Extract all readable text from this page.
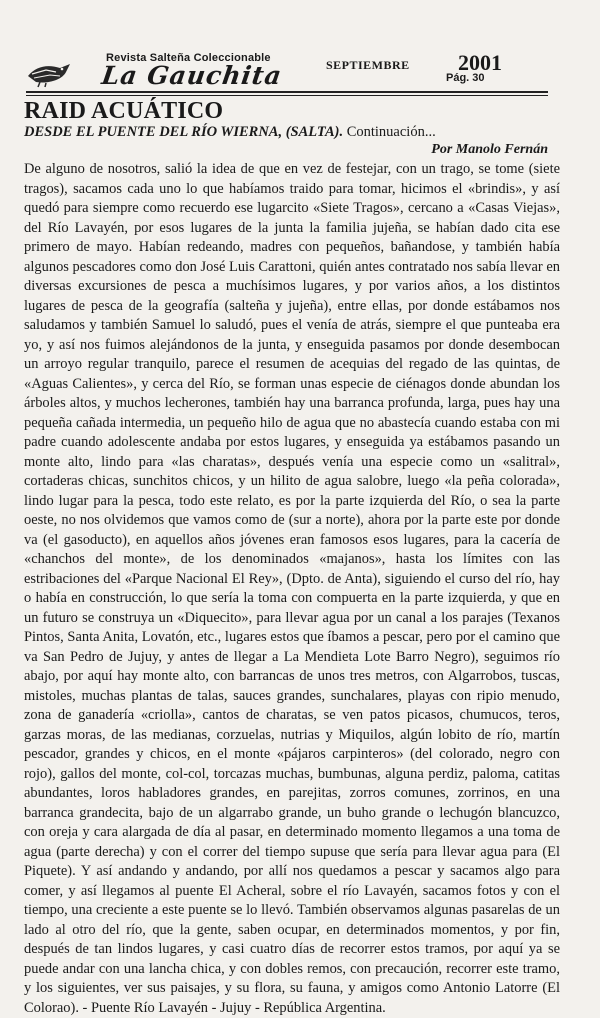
Revista Salteña Coleccionable
La Gauchita	SEPTIEMBRE 2001
Pág. 30
RAID ACUÁTICO
DESDE EL PUENTE DEL RÍO WIERNA, (SALTA). Continuación...
Por Manolo Fernán
De alguno de nosotros, salió la idea de que en vez de festejar, con un trago, se tome (siete tragos), sacamos cada uno lo que habíamos traido para tomar, hicimos el «brindis», y así quedó para siempre como recuerdo ese lugarcito «Siete Tragos», cercano a «Casas Viejas», del Río Lavayén, por esos lugares de la junta la familia jujeña, se habían dado cita ese primero de mayo. Habían redeando, madres con pequeños, bañandose, y también había algunos pescadores como don José Luis Carattoni, quién antes contratado nos sabía llevar en diversas excursiones de pesca a muchísimos lugares, y por varios años, a los distintos lugares de pesca de la geografía (salteña y jujeña), entre ellas, por donde estábamos nos saludamos y también Samuel lo saludó, pues el venía de atrás, siempre el que punteaba era yo, y así nos fuimos alejándonos de la junta, y enseguida pasamos por donde desembocan un arroyo regular tranquilo, parece el resumen de acequias del regado de las quintas, de «Aguas Calientes», y cerca del Río, se forman unas especie de ciénagos donde abundan los árboles altos, y muchos lecherones, también hay una barranca profunda, larga, pues hay una pequeña cañada intermedia, un pequeño hilo de agua que no abastecía cuando estaba con mi padre cuando adolescente andaba por estos lugares, y enseguida ya estábamos pasando un monte alto, lindo para «las charatas», después venía una especie como un «salitral», cortaderas chicas, sunchitos chicos, y un hilito de agua salobre, luego «la peña colorada», lindo lugar para la pesca, todo este relato, es por la parte izquierda del Río, o sea la parte oeste, no nos olvidemos que vamos como de (sur a norte), ahora por la parte este por donde va (el gasoducto), en aquellos años jóvenes eran famosos esos lugares, para la cacería de «chanchos del monte», de los denominados «majanos», hasta los límites con las estribaciones del «Parque Nacional El Rey», (Dpto. de Anta), siguiendo el curso del río, hay o había en construcción, lo que sería la toma con compuerta en la parte izquierda, y que en un futuro se construya un «Diquecito», para llevar agua por un canal a los parajes (Texanos Pintos, Santa Anita, Lovatón, etc., lugares estos que íbamos a pescar, pero por el camino que va San Pedro de Jujuy, y antes de llegar a La Mendieta Lote Barro Negro), seguimos río abajo, por aquí hay monte alto, con barrancas de unos tres metros, con Algarrobos, tuscas, mistoles, muchas plantas de talas, sauces grandes, sunchalares, playas con ripio menudo, zona de ganadería «criolla», cantos de charatas, se ven patos picasos, chumucos, teros, garzas moras, de las medianas, corzuelas, nutrias y Miquilos, algún lobito de río, martín pescador, grandes y chicos, en el monte «pájaros carpinteros» (del colorado, negro con rojo), gallos del monte, col-col, torcazas muchas, bumbunas, alguna perdiz, paloma, catitas abundantes, loros habladores grandes, en parejitas, zorros comunes, zorrinos, en una barranca grandecita, bajo de un algarrabo grande, un buho grande o lechugón blancuzco, con oreja y cara alargada de día al pasar, en determinado momento llegamos a una toma de agua (parte derecha) y con el correr del tiempo supuse que sería para llevar agua para (El Piquete). Y así andando y andando, por allí nos quedamos a pescar y sacamos algo para comer, y así llegamos al puente El Acheral, sobre el río Lavayén, sacamos fotos y con el tiempo, una creciente a este puente se lo llevó. También observamos algunas pasarelas de un lado al otro del río, que la gente, saben ocupar, en determinados momentos, y por fin, después de tan lindos lugares, y casi cuatro días de recorrer estos tramos, por aquí ya se puede andar con una lancha chica, y con dobles remos, con precaución, recorrer este tramo, y los siguientes, ver sus paisajes, y su flora, su fauna, y amigos como Antonio Latorre (El Colorao). - Puente Río Lavayén - Jujuy - República Argentina.
